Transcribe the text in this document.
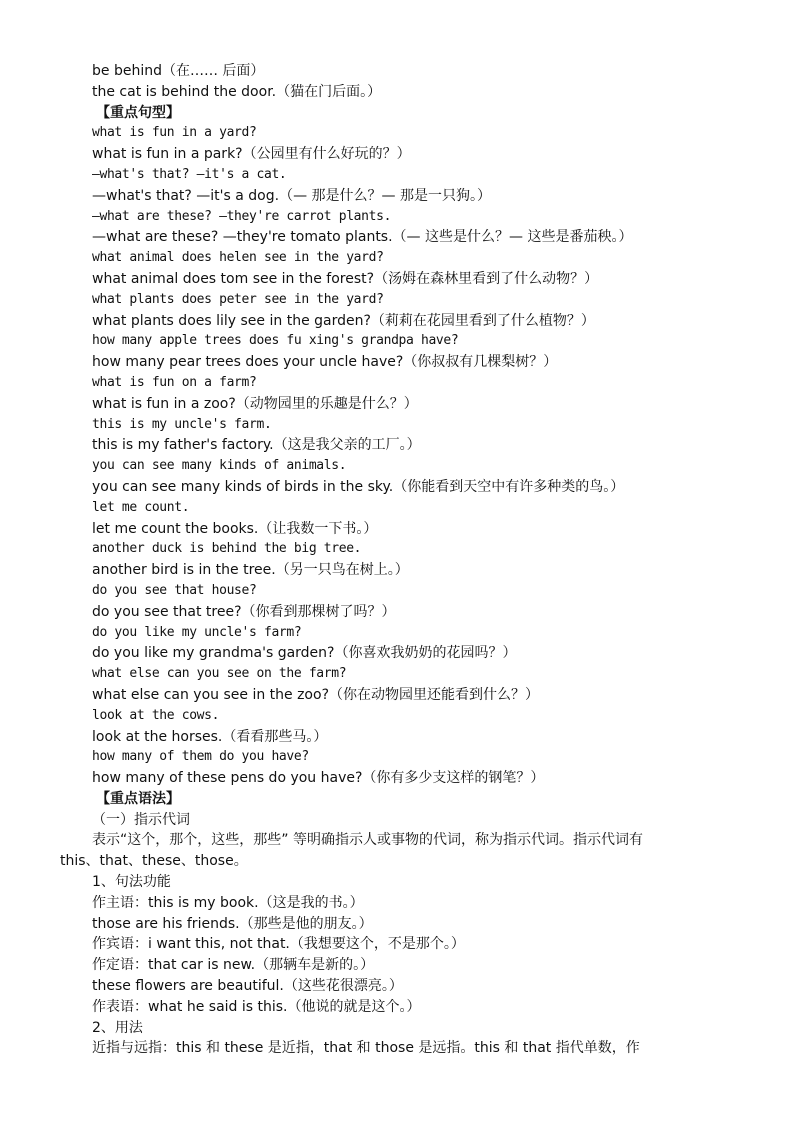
be behind（在…… 后面）
the cat is behind the door.（猫在门后面。）
【重点句型】
what is fun in a yard?
what is fun in a park?（公园里有什么好玩的？）
—what's that? —it's a cat.
—what's that? —it's a dog.（— 那是什么？— 那是一只狗。）
—what are these? —they're carrot plants.
—what are these? —they're tomato plants.（— 这些是什么？— 这些是番茄秧。）
what animal does helen see in the yard?
what animal does tom see in the forest?（汤姆在森林里看到了什么动物？）
what plants does peter see in the yard?
what plants does lily see in the garden?（莉莉在花园里看到了什么植物？）
how many apple trees does fu xing's grandpa have?
how many pear trees does your uncle have?（你叔叔有几棵梨树？）
what is fun on a farm?
what is fun in a zoo?（动物园里的乐趣是什么？）
this is my uncle's farm.
this is my father's factory.（这是我父亲的工厂。）
you can see many kinds of animals.
you can see many kinds of birds in the sky.（你能看到天空中有许多种类的鸟。）
let me count.
let me count the books.（让我数一下书。）
another duck is behind the big tree.
another bird is in the tree.（另一只鸟在树上。）
do you see that house?
do you see that tree?（你看到那棵树了吗？）
do you like my uncle's farm?
do you like my grandma's garden?（你喜欢我奶奶的花园吗？）
what else can you see on the farm?
what else can you see in the zoo?（你在动物园里还能看到什么？）
look at the cows.
look at the horses.（看看那些马。）
how many of them do you have?
how many of these pens do you have?（你有多少支这样的钢笔？）
【重点语法】
（一）指示代词
表示“这个，那个，这些，那些” 等明确指示人或事物的代词，称为指示代词。指示代词有
this、that、these、those。
1、句法功能
作主语：this is my book.（这是我的书。）
those are his friends.（那些是他的朋友。）
作宾语：i want this, not that.（我想要这个，不是那个。）
作定语：that car is new.（那辆车是新的。）
these flowers are beautiful.（这些花很漂亮。）
作表语：what he said is this.（他说的就是这个。）
2、用法
近指与远指：this 和 these 是近指，that 和 those 是远指。this 和 that 指代单数，作
